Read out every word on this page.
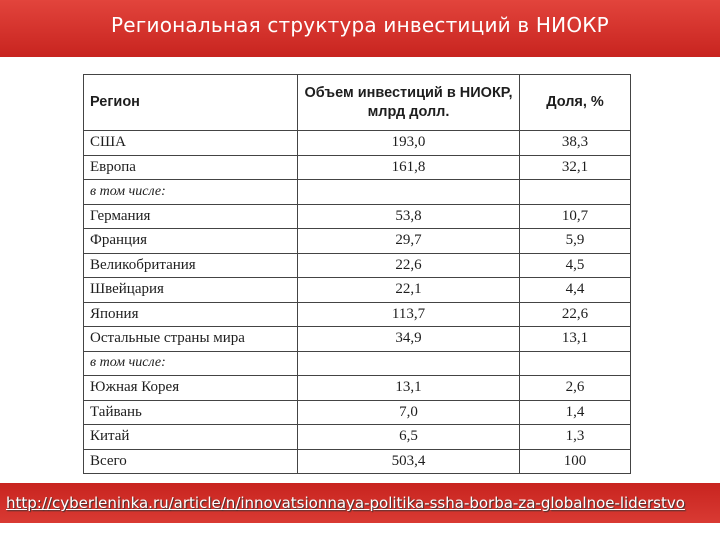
Региональная структура инвестиций в НИОКР
Регион	Объем инвестиций в НИОКР, млрд долл.	Доля, %
США	193,0	38,3
Европа	161,8	32,1
в том числе:		
Германия	53,8	10,7
Франция	29,7	5,9
Великобритания	22,6	4,5
Швейцария	22,1	4,4
Япония	113,7	22,6
Остальные страны мира	34,9	13,1
в том числе:		
Южная Корея	13,1	2,6
Тайвань	7,0	1,4
Китай	6,5	1,3
Всего	503,4	100
http://cyberleninka.ru/article/n/innovatsionnaya-politika-ssha-borba-za-globalnoe-liderstvo
